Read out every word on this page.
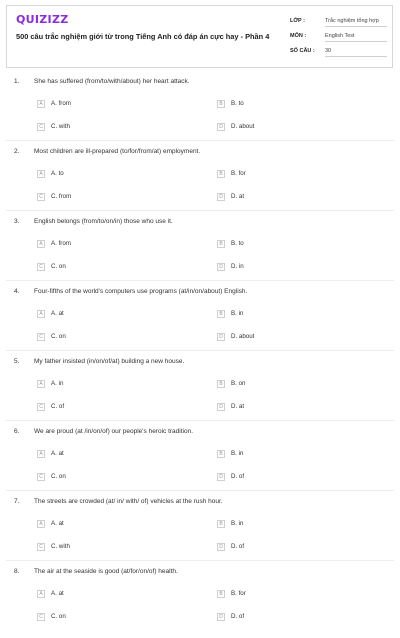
QUIZIZZ
500 câu trắc nghiệm giới từ trong Tiếng Anh có đáp án cực hay - Phần 4
LỚP :	Trắc nghiệm tổng hợp
MÔN :	English Test
SỐ CÂU : 30
1. She has suffered (from/to/with/about) her heart attack.
A	A. from	B	B. to
C	C. with	D	D. about
2. Most children are ill-prepared (to/for/from/at) employment.
A	A. to	B	B. for
C	C. from	D	D. at
3. English belongs (from/to/on/in) those who use it.
A	A. from	B	B. to
C	C. on	D	D. in
4. Four-fifths of the world's computers use programs (at/in/on/about) English.
A	A. at	B	B. in
C	C. on	D	D. about
5. My father insisted (in/on/of/at) building a new house.
A	A. in	B	B. on
C	C. of	D	D. at
6. We are proud (at /in/on/of) our people's heroic tradition.
A	A. at	B	B. in
C	C. on	D	D. of
7. The streets are crowded (at/ in/ with/ of) vehicles at the rush hour.
A	A. at	B	B. in
C	C. with	D	D. of
8. The air at the seaside is good (at/for/on/of) health.
A	A. at	B	B. for
C	C. on	D	D. of
